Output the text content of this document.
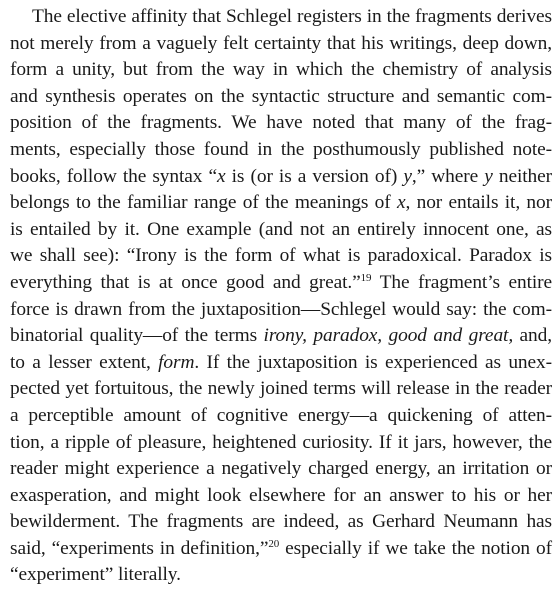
The elective affinity that Schlegel registers in the fragments derives
not merely from a vaguely felt certainty that his writings, deep down,
form a unity, but from the way in which the chemistry of analysis
and synthesis operates on the syntactic structure and semantic com-
position of the fragments. We have noted that many of the frag-
ments, especially those found in the posthumously published note-
books, follow the syntax “x is (or is a version of) y,” where y neither
belongs to the familiar range of the meanings of x, nor entails it, nor
is entailed by it. One example (and not an entirely innocent one, as
we shall see): “Irony is the form of what is paradoxical. Paradox is
everything that is at once good and great.”$^{19}$ The fragment’s entire
force is drawn from the juxtaposition—Schlegel would say: the com-
binatorial quality—of the terms irony, paradox, good and great, and,
to a lesser extent, form. If the juxtaposition is experienced as unex-
pected yet fortuitous, the newly joined terms will release in the reader
a perceptible amount of cognitive energy—a quickening of atten-
tion, a ripple of pleasure, heightened curiosity. If it jars, however, the
reader might experience a negatively charged energy, an irritation or
exasperation, and might look elsewhere for an answer to his or her
bewilderment. The fragments are indeed, as Gerhard Neumann has
said, “experiments in definition,”$^{20}$ especially if we take the notion of
“experiment” literally.
